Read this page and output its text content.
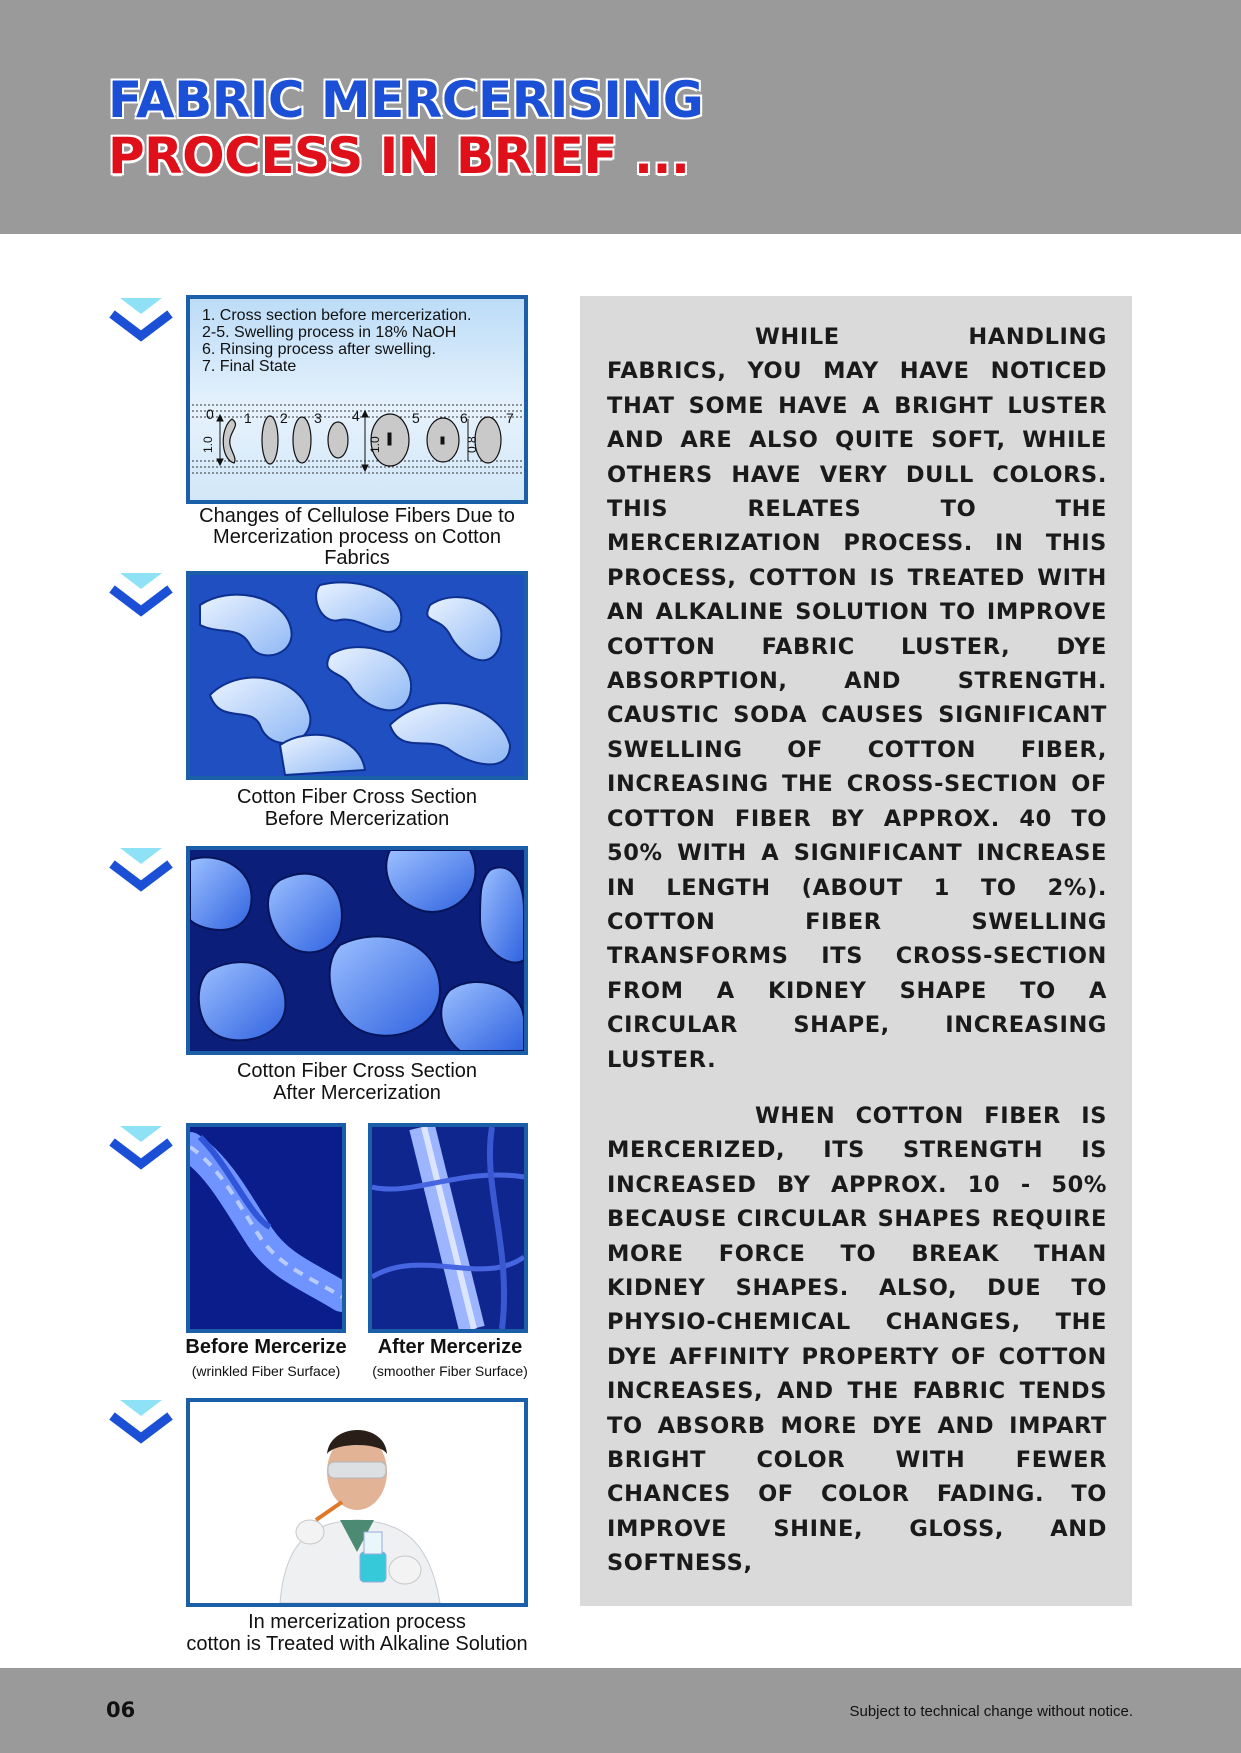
FABRIC MERCERISING
PROCESS IN BRIEF ...
1. Cross section before mercerization.
2-5. Swelling process in 18% NaOH
6. Rinsing process after swelling.
7. Final State
0 1 2 3 4	5	6	7
1.0	1.0	0.8
Changes of Cellulose Fibers Due to Mercerization process on Cotton Fabrics
Cotton Fiber Cross Section
Before Mercerization
Cotton Fiber Cross Section
After Mercerization
Before Mercerize
(wrinkled Fiber Surface)
After Mercerize
(smoother Fiber Surface)
In mercerization process
cotton is Treated with Alkaline Solution
WHILE HANDLING FABRICS, YOU MAY HAVE NOTICED THAT SOME HAVE A BRIGHT LUSTER AND ARE ALSO QUITE SOFT, WHILE OTHERS HAVE VERY DULL COLORS. THIS RELATES TO THE MERCERIZATION PROCESS. IN THIS PROCESS, COTTON IS TREATED WITH AN ALKALINE SOLUTION TO IMPROVE COTTON FABRIC LUSTER, DYE ABSORPTION, AND STRENGTH. CAUSTIC SODA CAUSES SIGNIFICANT SWELLING OF COTTON FIBER, INCREASING THE CROSS-SECTION OF COTTON FIBER BY APPROX. 40 TO 50% WITH A SIGNIFICANT INCREASE IN LENGTH (ABOUT 1 TO 2%). COTTON FIBER SWELLING TRANSFORMS ITS CROSS-SECTION FROM A KIDNEY SHAPE TO A CIRCULAR SHAPE, INCREASING LUSTER.
WHEN COTTON FIBER IS MERCERIZED, ITS STRENGTH IS INCREASED BY APPROX. 10 - 50% BECAUSE CIRCULAR SHAPES REQUIRE MORE FORCE TO BREAK THAN KIDNEY SHAPES. ALSO, DUE TO PHYSIO-CHEMICAL CHANGES, THE DYE AFFINITY PROPERTY OF COTTON INCREASES, AND THE FABRIC TENDS TO ABSORB MORE DYE AND IMPART BRIGHT COLOR WITH FEWER CHANCES OF COLOR FADING. TO IMPROVE SHINE, GLOSS, AND SOFTNESS,
06	Subject to technical change without notice.
